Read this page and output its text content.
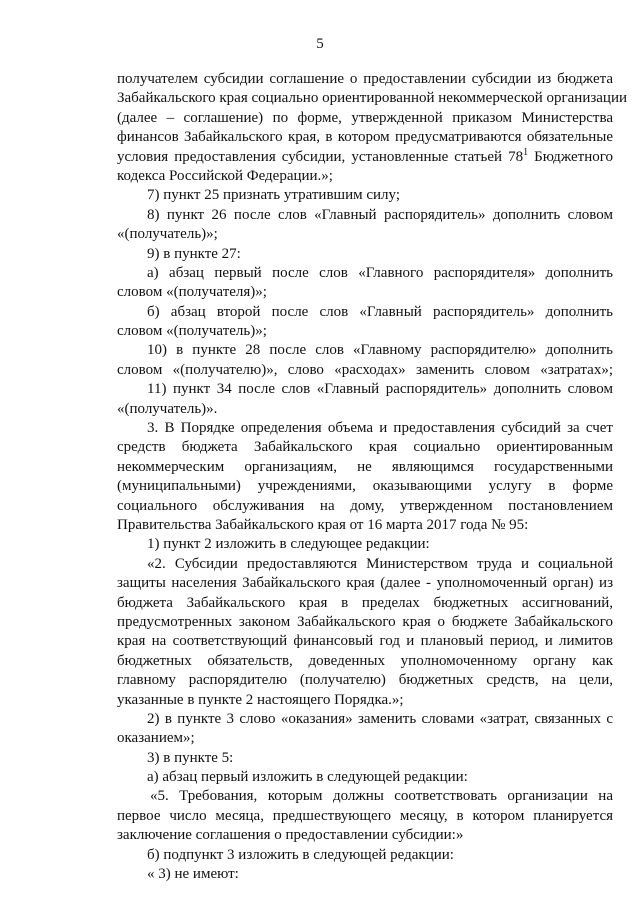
5
получателем субсидии соглашение о предоставлении субсидии из бюджета
Забайкальского края социально ориентированной некоммерческой организации
(далее – соглашение) по форме, утвержденной приказом Министерства
финансов Забайкальского края, в котором предусматриваются обязательные
условия предоставления субсидии, установленные статьей $78^1$ Бюджетного
кодекса Российской Федерации.»;
7) пункт 25 признать утратившим силу;
8) пункт 26 после слов «Главный распорядитель» дополнить словом
«(получатель)»;
9) в пункте 27:
а) абзац первый после слов «Главного распорядителя» дополнить
словом «(получателя)»;
б) абзац второй после слов «Главный распорядитель» дополнить
словом «(получатель)»;
10) в пункте 28 после слов «Главному распорядителю» дополнить
словом «(получателю)», слово «расходах» заменить словом «затратах»;
11) пункт 34 после слов «Главный распорядитель» дополнить словом
«(получатель)».
3. В Порядке определения объема и предоставления субсидий за счет
средств бюджета Забайкальского края социально ориентированным
некоммерческим организациям, не являющимся государственными
(муниципальными) учреждениями, оказывающими услугу в форме
социального обслуживания на дому, утвержденном постановлением
Правительства Забайкальского края от 16 марта 2017 года № 95:
1) пункт 2 изложить в следующее редакции:
«2. Субсидии предоставляются Министерством труда и социальной
защиты населения Забайкальского края (далее - уполномоченный орган) из
бюджета Забайкальского края в пределах бюджетных ассигнований,
предусмотренных законом Забайкальского края о бюджете Забайкальского
края на соответствующий финансовый год и плановый период, и лимитов
бюджетных обязательств, доведенных уполномоченному органу как
главному распорядителю (получателю) бюджетных средств, на цели,
указанные в пункте 2 настоящего Порядка.»;
2) в пункте 3 слово «оказания» заменить словами «затрат, связанных с
оказанием»;
3) в пункте 5:
а) абзац первый изложить в следующей редакции:
«5. Требования, которым должны соответствовать организации на
первое число месяца, предшествующего месяцу, в котором планируется
заключение соглашения о предоставлении субсидии:»
б) подпункт 3 изложить в следующей редакции:
« 3) не имеют:
